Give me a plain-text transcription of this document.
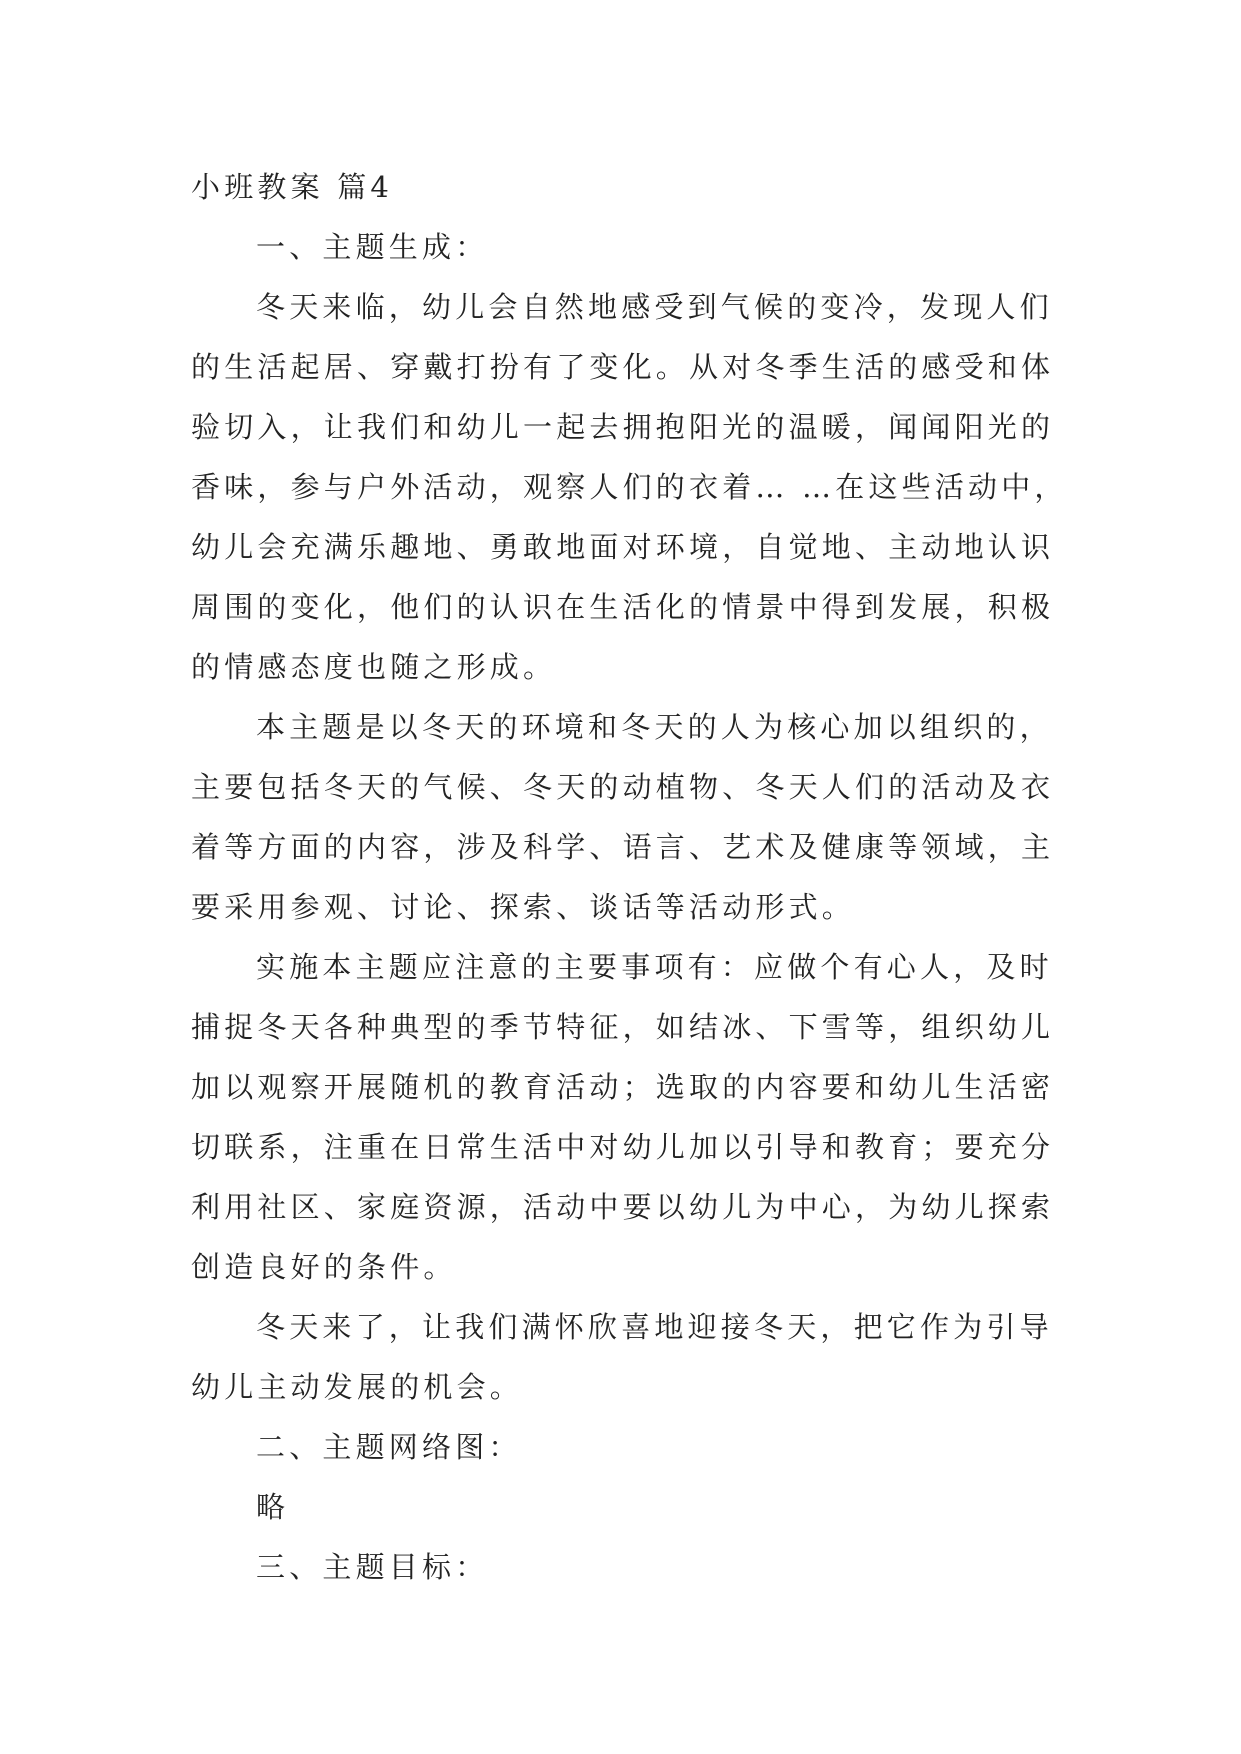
小班教案 篇4

一、主题生成：

冬天来临，幼儿会自然地感受到气候的变冷，发现人们

的生活起居、穿戴打扮有了变化。从对冬季生活的感受和体

验切入，让我们和幼儿一起去拥抱阳光的温暖，闻闻阳光的

香味，参与户外活动，观察人们的衣着… …在这些活动中，

幼儿会充满乐趣地、勇敢地面对环境，自觉地、主动地认识

周围的变化，他们的认识在生活化的情景中得到发展，积极

的情感态度也随之形成。

本主题是以冬天的环境和冬天的人为核心加以组织的，

主要包括冬天的气候、冬天的动植物、冬天人们的活动及衣

着等方面的内容，涉及科学、语言、艺术及健康等领域，主

要采用参观、讨论、探索、谈话等活动形式。

实施本主题应注意的主要事项有：应做个有心人，及时

捕捉冬天各种典型的季节特征，如结冰、下雪等，组织幼儿

加以观察开展随机的教育活动；选取的内容要和幼儿生活密

切联系，注重在日常生活中对幼儿加以引导和教育；要充分

利用社区、家庭资源，活动中要以幼儿为中心，为幼儿探索

创造良好的条件。

冬天来了，让我们满怀欣喜地迎接冬天，把它作为引导

幼儿主动发展的机会。

二、主题网络图：

略

三、主题目标：
